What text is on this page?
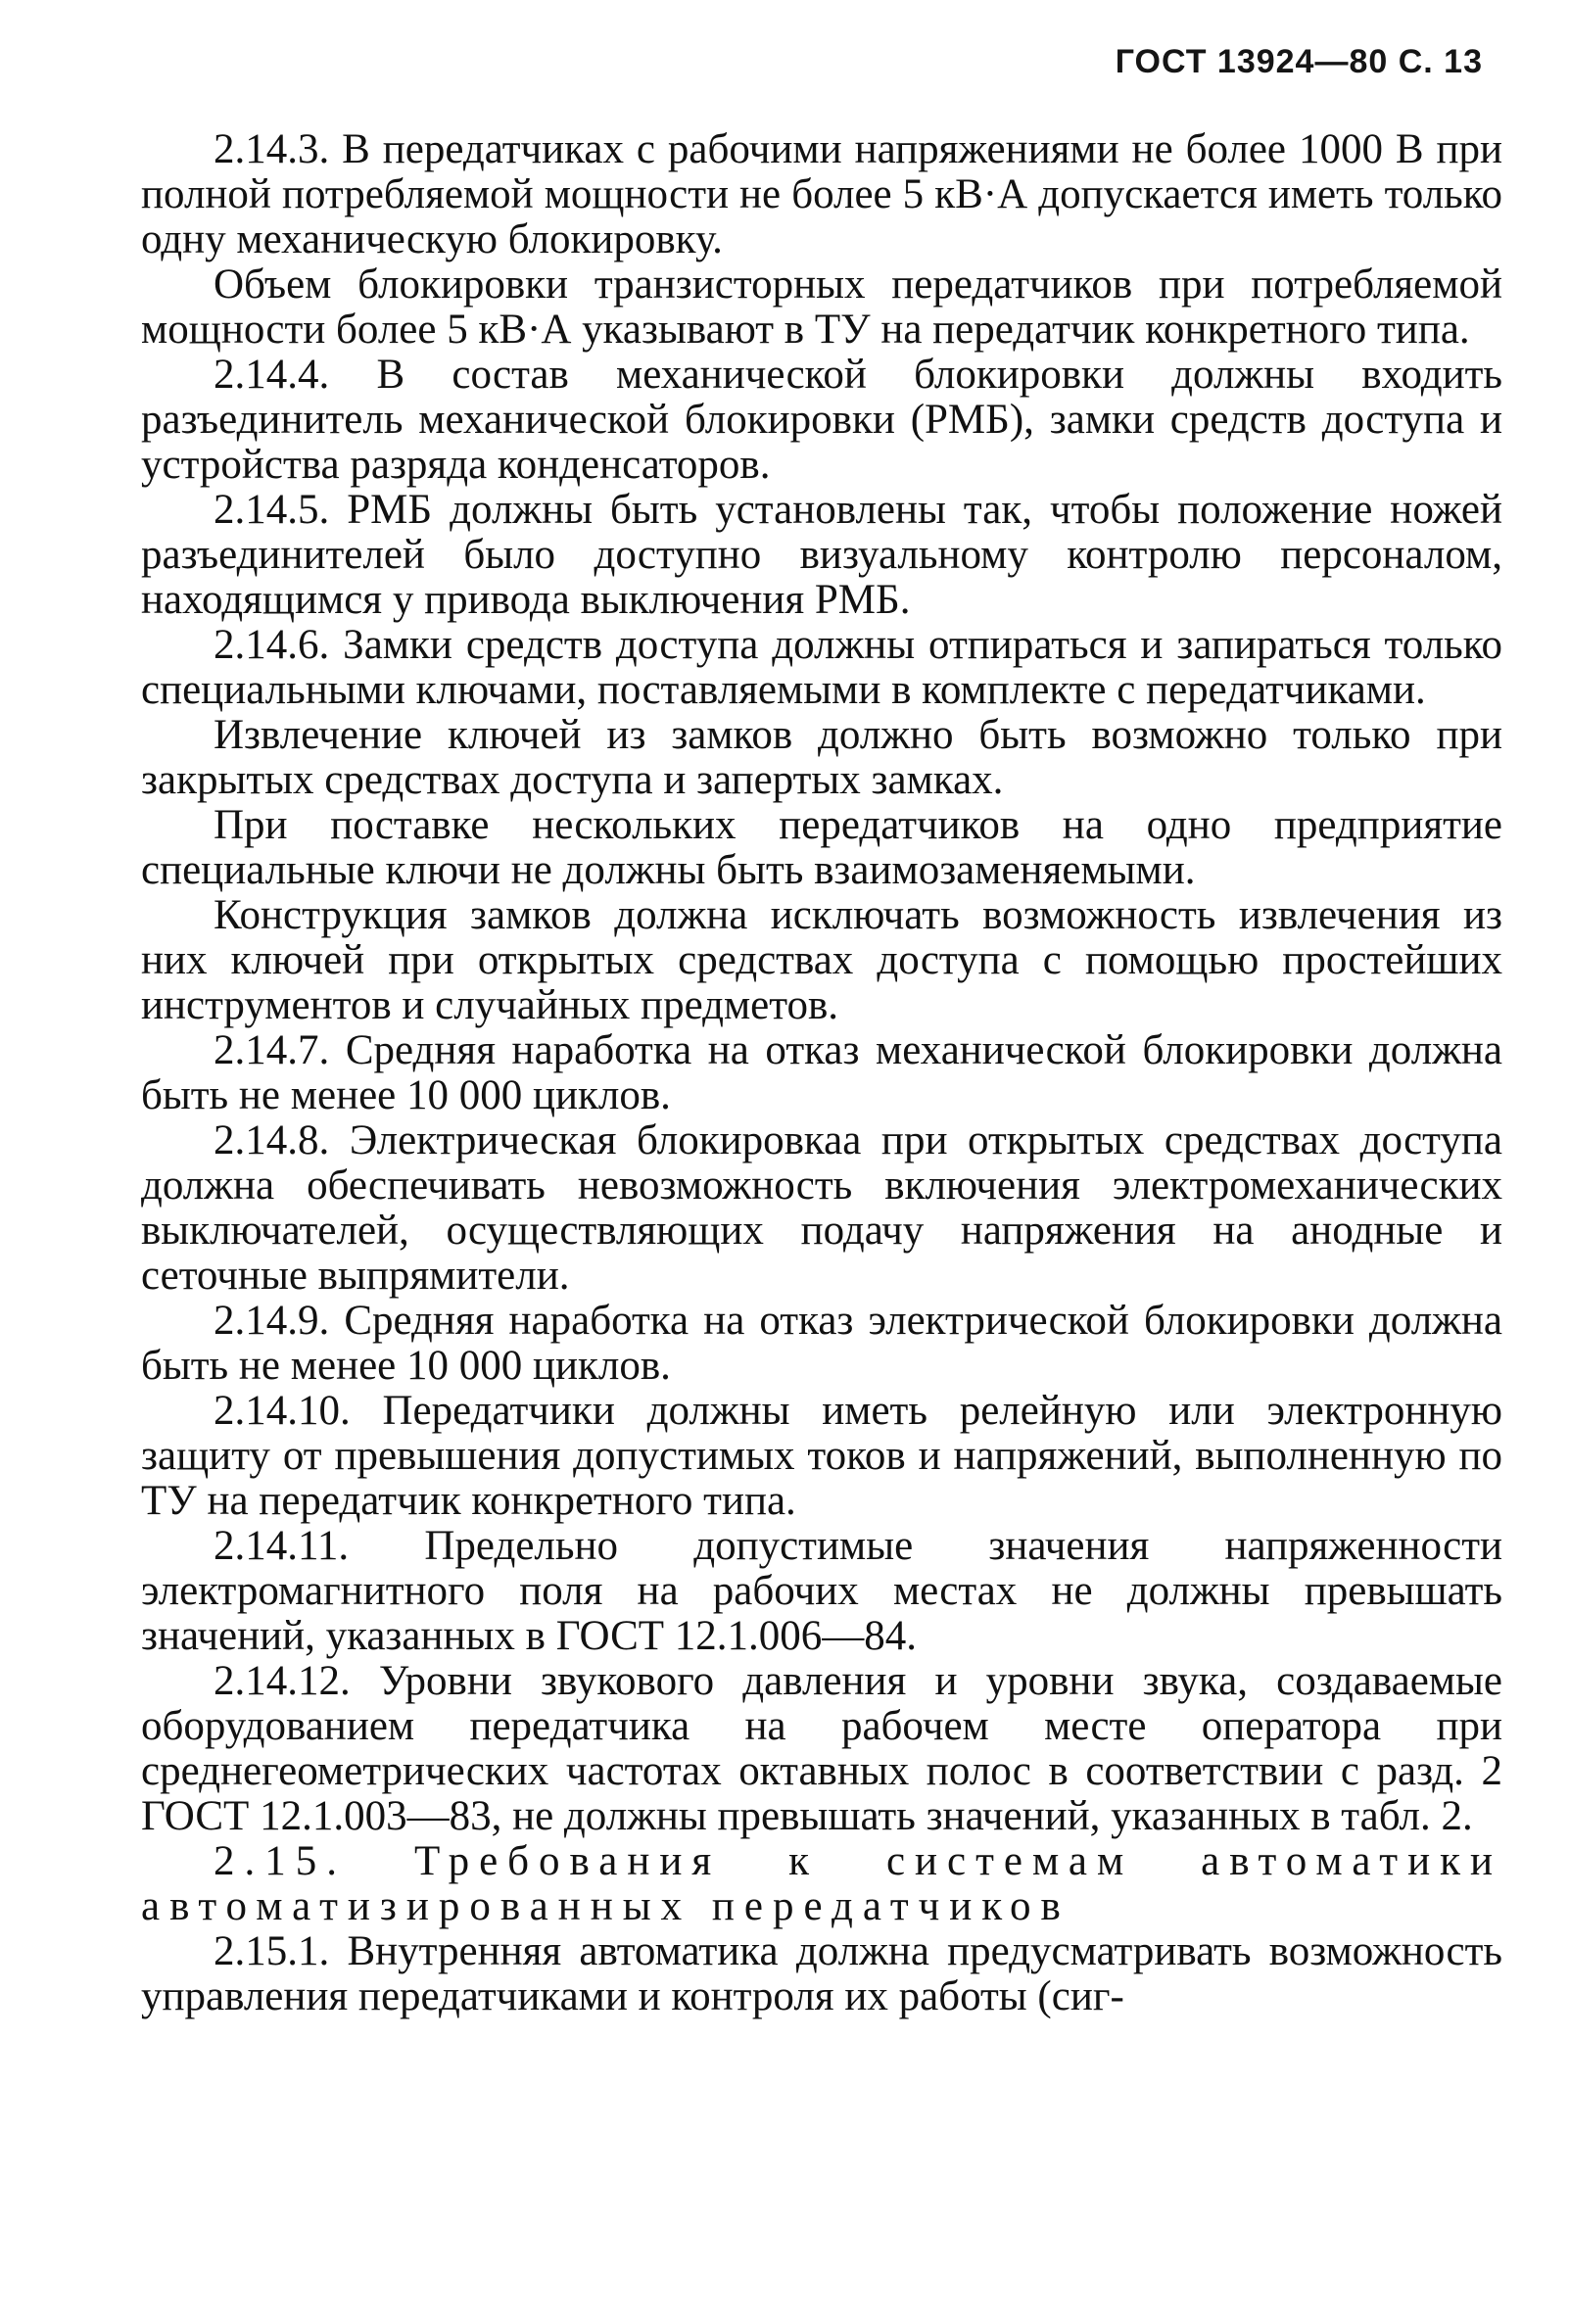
ГОСТ 13924—80 С. 13

2.14.3. В передатчиках с рабочими напряжениями не более 1000 В при полной потребляемой мощности не более 5 кВ·А допускается иметь только одну механическую блокировку.

Объем блокировки транзисторных передатчиков при потребляемой мощности более 5 кВ·А указывают в ТУ на передатчик конкретного типа.

2.14.4. В состав механической блокировки должны входить разъединитель механической блокировки (РМБ), замки средств доступа и устройства разряда конденсаторов.

2.14.5. РМБ должны быть установлены так, чтобы положение ножей разъединителей было доступно визуальному контролю персоналом, находящимся у привода выключения РМБ.

2.14.6. Замки средств доступа должны отпираться и запираться только специальными ключами, поставляемыми в комплекте с передатчиками.

Извлечение ключей из замков должно быть возможно только при закрытых средствах доступа и запертых замках.

При поставке нескольких передатчиков на одно предприятие специальные ключи не должны быть взаимозаменяемыми.

Конструкция замков должна исключать возможность извлечения из них ключей при открытых средствах доступа с помощью простейших инструментов и случайных предметов.

2.14.7. Средняя наработка на отказ механической блокировки должна быть не менее 10 000 циклов.

2.14.8. Электрическая блокировкаа при открытых средствах доступа должна обеспечивать невозможность включения электромеханических выключателей, осуществляющих подачу напряжения на анодные и сеточные выпрямители.

2.14.9. Средняя наработка на отказ электрической блокировки должна быть не менее 10 000 циклов.

2.14.10. Передатчики должны иметь релейную или электронную защиту от превышения допустимых токов и напряжений, выполненную по ТУ на передатчик конкретного типа.

2.14.11. Предельно допустимые значения напряженности электромагнитного поля на рабочих местах не должны превышать значений, указанных в ГОСТ 12.1.006—84.

2.14.12. Уровни звукового давления и уровни звука, создаваемые оборудованием передатчика на рабочем месте оператора при среднегеометрических частотах октавных полос в соответствии с разд. 2 ГОСТ 12.1.003—83, не должны превышать значений, указанных в табл. 2.

2.15. Требования к системам автоматики автоматизированных передатчиков

2.15.1. Внутренняя автоматика должна предусматривать возможность управления передатчиками и контроля их работы (сиг-
